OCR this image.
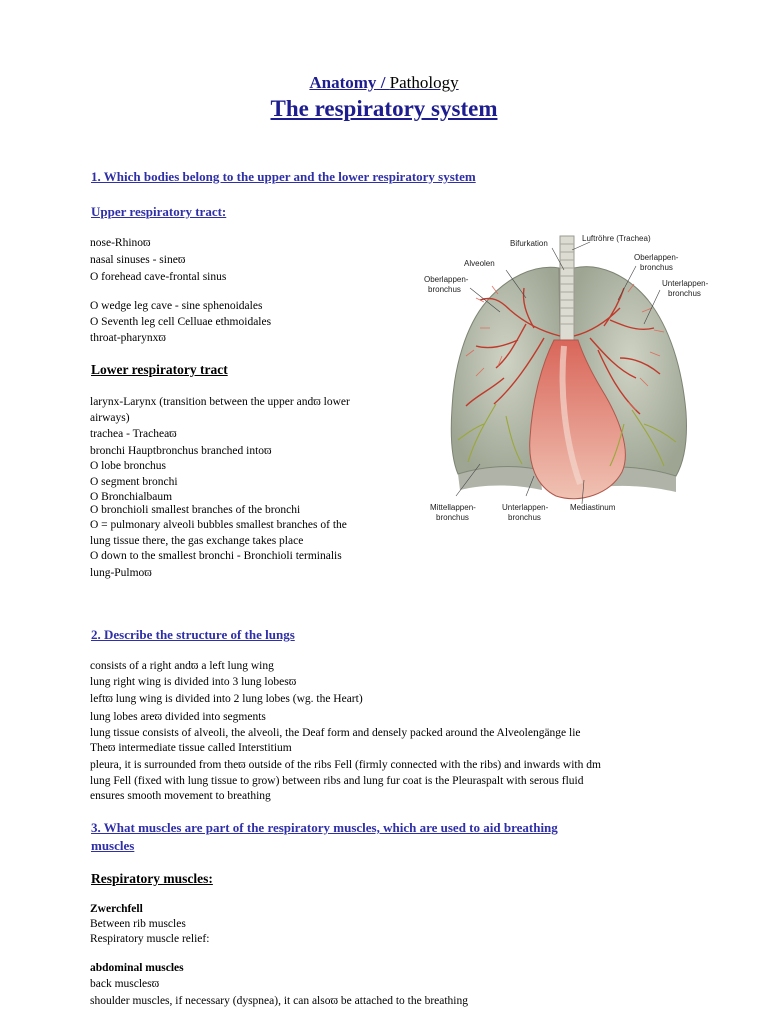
Anatomy / Pathology
The respiratory system
1. Which bodies belong to the upper and the lower respiratory system
Upper respiratory tract:
nose-Rhinoϖ
nasal sinuses - sineϖ
O forehead cave-frontal sinus
O wedge leg cave - sine sphenoidales
O Seventh leg cell Celluae ethmoidales
throat-pharynxϖ
Lower respiratory tract
larynx-Larynx (transition between the upper andϖ lower
airways)
trachea - Tracheaϖ
bronchi Hauptbronchus branched intoϖ
O lobe bronchus
O segment bronchi
O Bronchialbaum
O bronchioli smallest branches of the bronchi
O = pulmonary alveoli bubbles smallest branches of the
lung tissue there, the gas exchange takes place
O down to the smallest bronchi - Bronchioli terminalis
lung-Pulmoϖ
Bifurkation
Luftröhre (Trachea)
Alveolen
Oberlappen-
bronchus
Oberlappen-
bronchus
Unterlappen-
bronchus
Mittellappen-
bronchus
Unterlappen-
bronchus
Mediastinum
2. Describe the structure of the lungs
consists of a right andϖ a left lung wing
lung right wing is divided into 3 lung lobesϖ
leftϖ lung wing is divided into 2 lung lobes (wg. the Heart)
lung lobes areϖ divided into segments
lung tissue consists of alveoli, the alveoli, the Deaf form and densely packed around the Alveolengänge lie
Theϖ intermediate tissue called Interstitium
pleura, it is surrounded from theϖ outside of the ribs Fell (firmly connected with the ribs) and inwards with dm
lung Fell (fixed with lung tissue to grow) between ribs and lung fur coat is the Pleuraspalt with serous fluid
ensures smooth movement to breathing
3. What muscles are part of the respiratory muscles, which are used to aid breathing
muscles
Respiratory muscles:
Zwerchfell
Between rib muscles
Respiratory muscle relief:
abdominal muscles
back musclesϖ
shoulder muscles, if necessary (dyspnea), it can alsoϖ be attached to the breathing
